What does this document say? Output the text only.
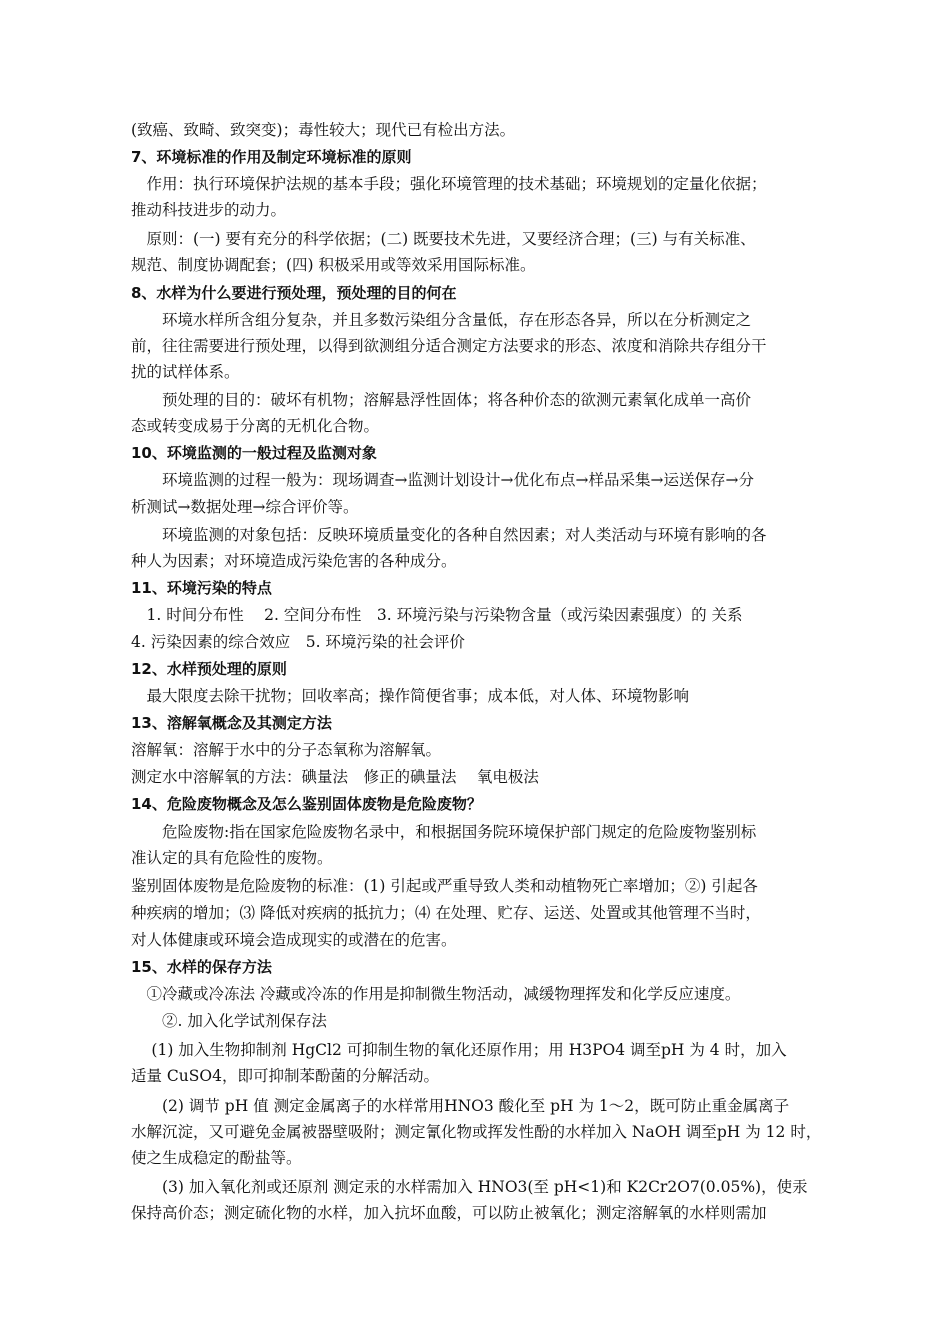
(致癌、致畸、致突变)；毒性较大；现代已有检出方法。
7、环境标准的作用及制定环境标准的原则
　作用：执行环境保护法规的基本手段；强化环境管理的技术基础；环境规划的定量化依据；
推动科技进步的动力。
　原则：(一) 要有充分的科学依据；(二) 既要技术先进，又要经济合理；(三) 与有关标准、
规范、制度协调配套；(四) 积极采用或等效采用国际标准。
8、水样为什么要进行预处理，预处理的目的何在
　　环境水样所含组分复杂，并且多数污染组分含量低，存在形态各异，所以在分析测定之
前，往往需要进行预处理，以得到欲测组分适合测定方法要求的形态、浓度和消除共存组分干
扰的试样体系。
　　预处理的目的：破坏有机物；溶解悬浮性固体；将各种价态的欲测元素氧化成单一高价
态或转变成易于分离的无机化合物。
10、环境监测的一般过程及监测对象
　　环境监测的过程一般为：现场调查→监测计划设计→优化布点→样品采集→运送保存→分
析测试→数据处理→综合评价等。
　　环境监测的对象包括：反映环境质量变化的各种自然因素；对人类活动与环境有影响的各
种人为因素；对环境造成污染危害的各种成分。
11、环境污染的特点
　1. 时间分布性　 2. 空间分布性　3. 环境污染与污染物含量（或污染因素强度）的 关系
4. 污染因素的综合效应　5. 环境污染的社会评价
12、水样预处理的原则
　最大限度去除干扰物；回收率高；操作简便省事；成本低，对人体、环境物影响
13、溶解氧概念及其测定方法
溶解氧：溶解于水中的分子态氧称为溶解氧。
测定水中溶解氧的方法：碘量法　修正的碘量法　 氧电极法
14、危险废物概念及怎么鉴别固体废物是危险废物？
　　危险废物:指在国家危险废物名录中，和根据国务院环境保护部门规定的危险废物鉴别标
准认定的具有危险性的废物。
鉴别固体废物是危险废物的标准：(1) 引起或严重导致人类和动植物死亡率增加；②) 引起各
种疾病的增加；⑶ 降低对疾病的抵抗力；⑷ 在处理、贮存、运送、处置或其他管理不当时，
对人体健康或环境会造成现实的或潜在的危害。
15、水样的保存方法
　①冷藏或冷冻法 冷藏或冷冻的作用是抑制微生物活动，减缓物理挥发和化学反应速度。
　　②. 加入化学试剂保存法
　 (1) 加入生物抑制剂 HgCl2 可抑制生物的氧化还原作用；用 H3PO4 调至pH 为 4 时，加入
适量 CuSO4，即可抑制苯酚菌的分解活动。
　　(2) 调节 pH 值 测定金属离子的水样常用HNO3 酸化至 pH 为 1～2，既可防止重金属离子
水解沉淀，又可避免金属被器壁吸附；测定氰化物或挥发性酚的水样加入 NaOH 调至pH 为 12 时，
使之生成稳定的酚盐等。
　　(3) 加入氧化剂或还原剂 测定汞的水样需加入 HNO3(至 pH<1)和 K2Cr2O7(0.05%)，使汞
保持高价态；测定硫化物的水样，加入抗坏血酸，可以防止被氧化；测定溶解氧的水样则需加
